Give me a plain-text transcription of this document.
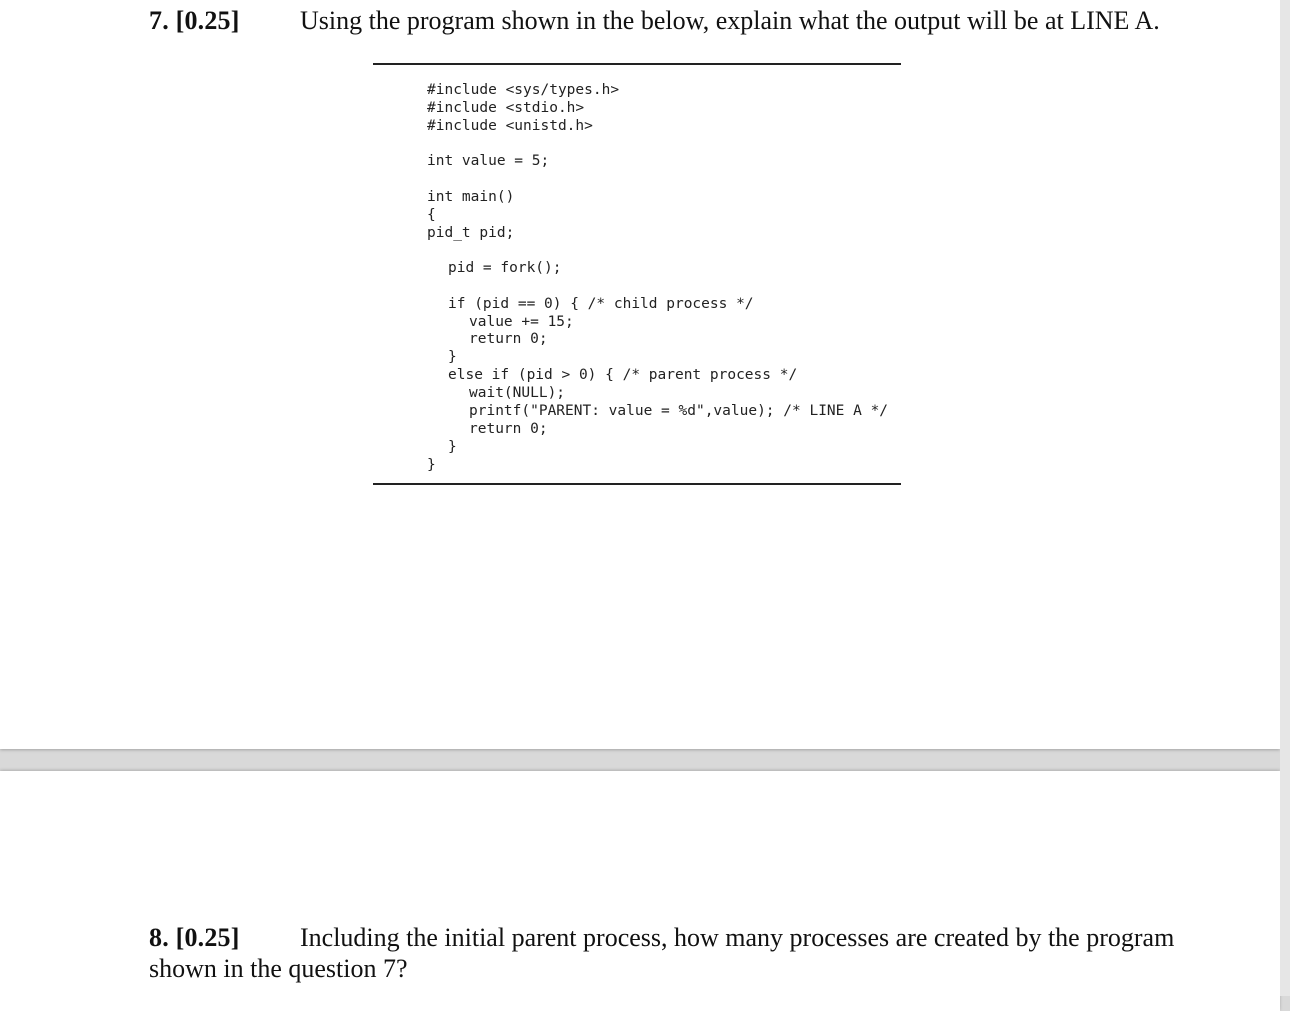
7. [0.25] Using the program shown in the below, explain what the output will be at LINE A.
#include <sys/types.h>
#include <stdio.h>
#include <unistd.h>
int value = 5;
int main()
{
pid_t pid;
pid = fork();
if (pid == 0) { /* child process */
value += 15;
return 0;
}
else if (pid > 0) { /* parent process */
wait(NULL);
printf("PARENT: value = %d",value); /* LINE A */
return 0;
}
}
8. [0.25] Including the initial parent process, how many processes are created by the program
shown in the question 7?
